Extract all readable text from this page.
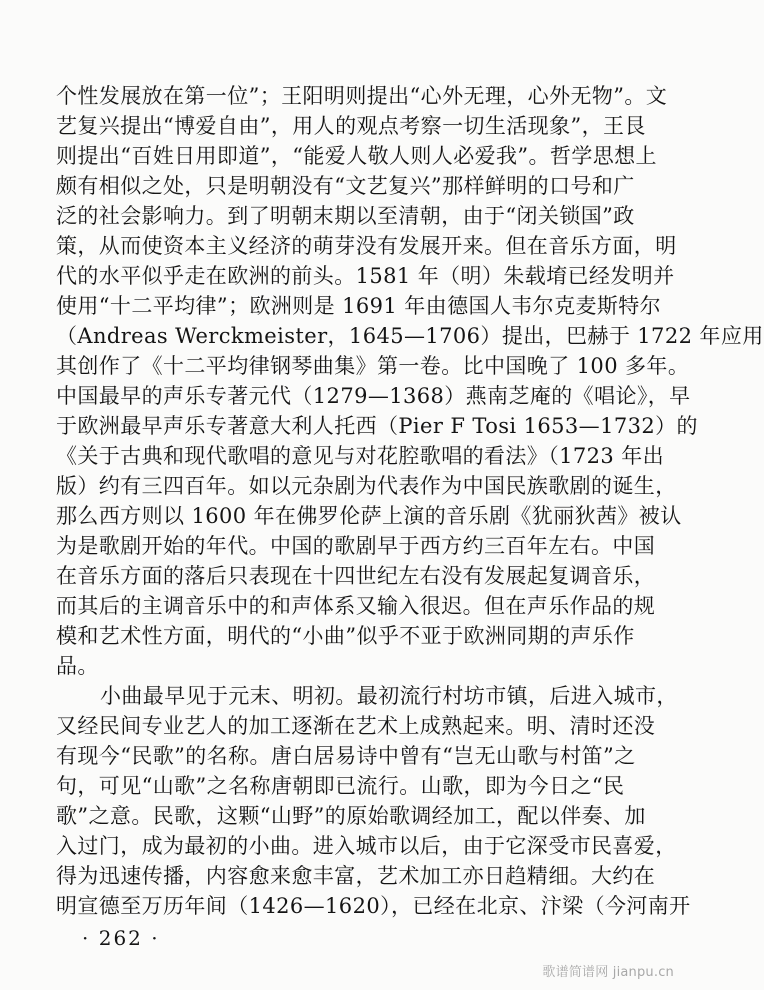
个性发展放在第一位”；王阳明则提出“心外无理，心外无物”。文
艺复兴提出“博爱自由”，用人的观点考察一切生活现象”，王艮
则提出“百姓日用即道”，“能爱人敬人则人必爱我”。哲学思想上
颇有相似之处，只是明朝没有“文艺复兴”那样鲜明的口号和广
泛的社会影响力。到了明朝末期以至清朝，由于“闭关锁国”政
策，从而使资本主义经济的萌芽没有发展开来。但在音乐方面，明
代的水平似乎走在欧洲的前头。1581 年（明）朱载堉已经发明并
使用“十二平均律”；欧洲则是 1691 年由德国人韦尔克麦斯特尔
（Andreas Werckmeister，1645—1706）提出，巴赫于 1722 年应用
其创作了《十二平均律钢琴曲集》第一卷。比中国晚了 100 多年。
中国最早的声乐专著元代（1279—1368）燕南芝庵的《唱论》，早
于欧洲最早声乐专著意大利人托西（Pier F Tosi 1653—1732）的
《关于古典和现代歌唱的意见与对花腔歌唱的看法》（1723 年出
版）约有三四百年。如以元杂剧为代表作为中国民族歌剧的诞生，
那么西方则以 1600 年在佛罗伦萨上演的音乐剧《犹丽狄茜》被认
为是歌剧开始的年代。中国的歌剧早于西方约三百年左右。中国
在音乐方面的落后只表现在十四世纪左右没有发展起复调音乐，
而其后的主调音乐中的和声体系又输入很迟。但在声乐作品的规
模和艺术性方面，明代的“小曲”似乎不亚于欧洲同期的声乐作
品。
小曲最早见于元末、明初。最初流行村坊市镇，后进入城市，
又经民间专业艺人的加工逐渐在艺术上成熟起来。明、清时还没
有现今“民歌”的名称。唐白居易诗中曾有“岂无山歌与村笛”之
句，可见“山歌”之名称唐朝即已流行。山歌，即为今日之“民
歌”之意。民歌，这颗“山野”的原始歌调经加工，配以伴奏、加
入过门，成为最初的小曲。进入城市以后，由于它深受市民喜爱，
得为迅速传播，内容愈来愈丰富，艺术加工亦日趋精细。大约在
明宣德至万历年间（1426—1620），已经在北京、汴梁（今河南开
· 262 ·
歌谱简谱网 jianpu.cn
